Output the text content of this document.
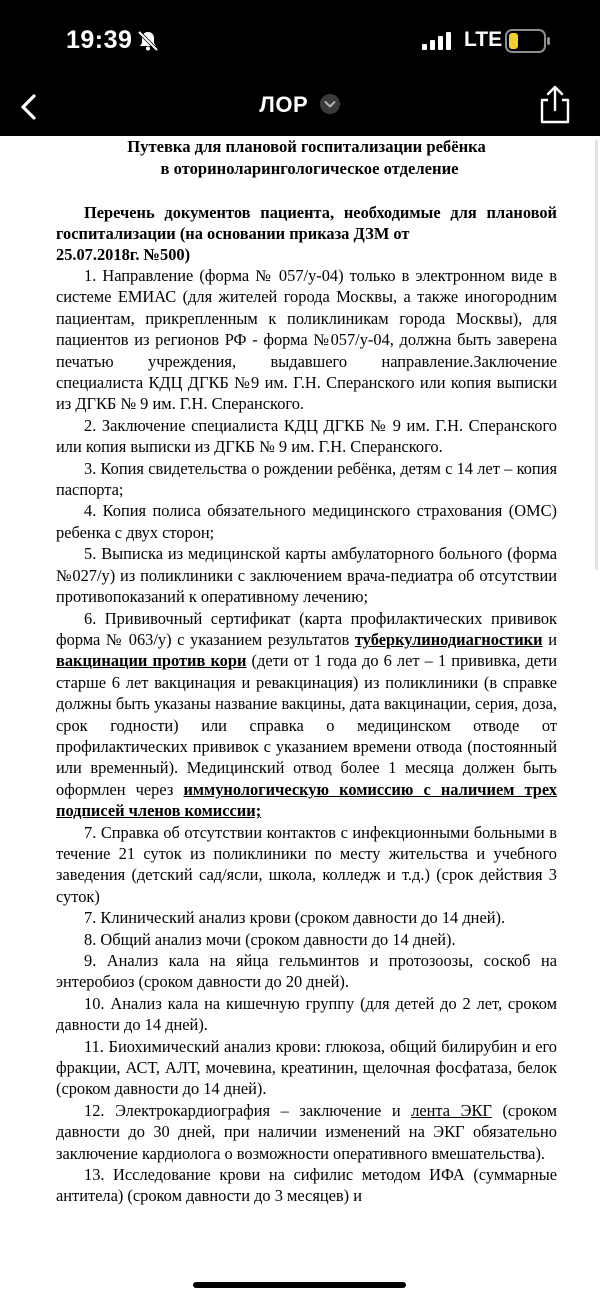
19:39	LTE
ЛОР

Путевка для плановой госпитализации ребёнка
в оториноларингологическое отделение

Перечень документов пациента, необходимые для плановой госпитализации (на основании приказа ДЗМ от
25.07.2018г. №500)

1. Направление (форма № 057/у-04) только в электронном виде в системе ЕМИАС (для жителей города Москвы, а также иногородним пациентам, прикрепленным к поликлиникам города Москвы), для пациентов из регионов РФ - форма №057/у-04, должна быть заверена печатью учреждения, выдавшего направление.Заключение специалиста КДЦ ДГКБ №9 им. Г.Н. Сперанского или копия выписки из ДГКБ № 9 им. Г.Н. Сперанского.

2. Заключение специалиста КДЦ ДГКБ № 9 им. Г.Н. Сперанского или копия выписки из ДГКБ № 9 им. Г.Н. Сперанского.

3. Копия свидетельства о рождении ребёнка, детям с 14 лет – копия паспорта;

4. Копия полиса обязательного медицинского страхования (ОМС) ребенка с двух сторон;

5. Выписка из медицинской карты амбулаторного больного (форма №027/у) из поликлиники с заключением врача-педиатра об отсутствии противопоказаний к оперативному лечению;

6. Прививочный сертификат (карта профилактических прививок форма № 063/у) с указанием результатов туберкулинодиагностики и вакцинации против кори (дети от 1 года до 6 лет – 1 прививка, дети старше 6 лет вакцинация и ревакцинация) из поликлиники (в справке должны быть указаны название вакцины, дата вакцинации, серия, доза, срок годности) или справка о медицинском отводе от профилактических прививок с указанием времени отвода (постоянный или временный). Медицинский отвод более 1 месяца должен быть оформлен через иммунологическую комиссию с наличием трех подписей членов комиссии;

7. Справка об отсутствии контактов с инфекционными больными в течение 21 суток из поликлиники по месту жительства и учебного заведения (детский сад/ясли, школа, колледж и т.д.) (срок действия 3 суток)

7. Клинический анализ крови (сроком давности до 14 дней).

8. Общий анализ мочи (сроком давности до 14 дней).

9. Анализ кала на яйца гельминтов и протозоозы, соскоб на энтеробиоз (сроком давности до 20 дней).

10. Анализ кала на кишечную группу (для детей до 2 лет, сроком давности до 14 дней).

11. Биохимический анализ крови: глюкоза, общий билирубин и его фракции, АСТ, АЛТ, мочевина, креатинин, щелочная фосфатаза, белок (сроком давности до 14 дней).

12. Электрокардиография – заключение и лента ЭКГ (сроком давности до 30 дней, при наличии изменений на ЭКГ обязательно заключение кардиолога о возможности оперативного вмешательства).

13. Исследование крови на сифилис методом ИФА (суммарные антитела) (сроком давности до 3 месяцев) и
